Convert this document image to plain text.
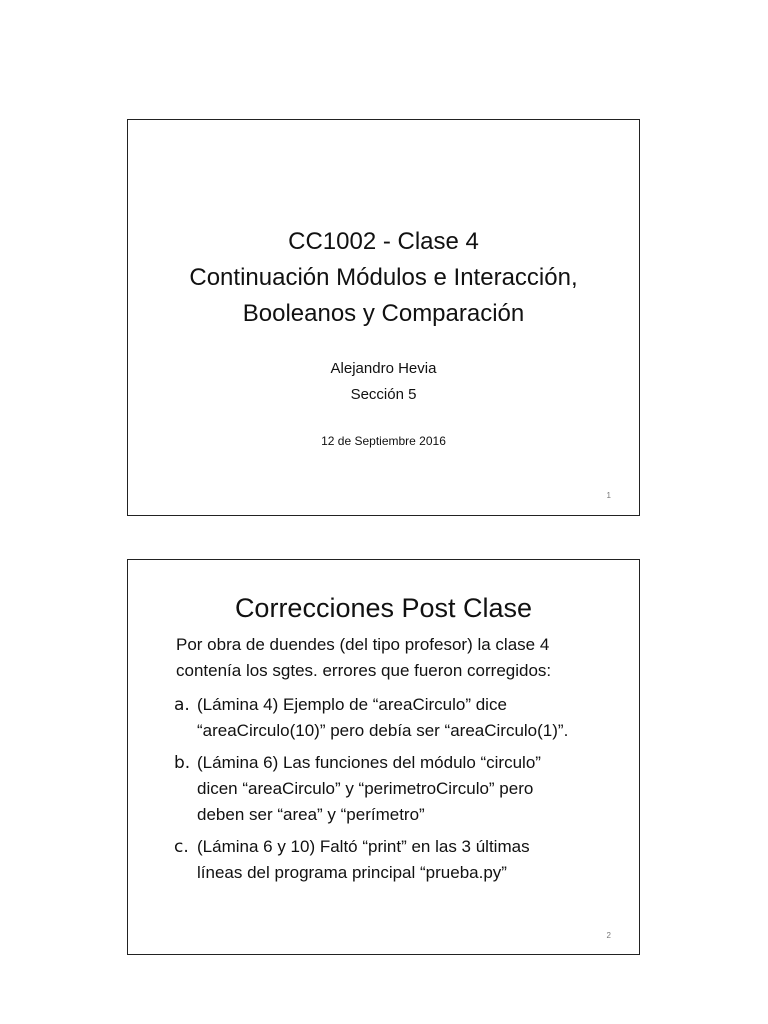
CC1002 - Clase 4
Continuación Módulos e Interacción,
Booleanos y Comparación
Alejandro Hevia
Sección 5
12 de Septiembre 2016
1
Correcciones Post Clase
Por obra de duendes (del tipo profesor) la clase 4
contenía los sgtes. errores que fueron corregidos:
a. (Lámina 4) Ejemplo de “areaCirculo” dice
“areaCirculo(10)” pero debía ser “areaCirculo(1)”.
b. (Lámina 6) Las funciones del módulo “circulo”
dicen “areaCirculo” y “perimetroCirculo” pero
deben ser “area” y “perímetro”
c. (Lámina 6 y 10) Faltó “print” en las 3 últimas
líneas del programa principal “prueba.py”
2
